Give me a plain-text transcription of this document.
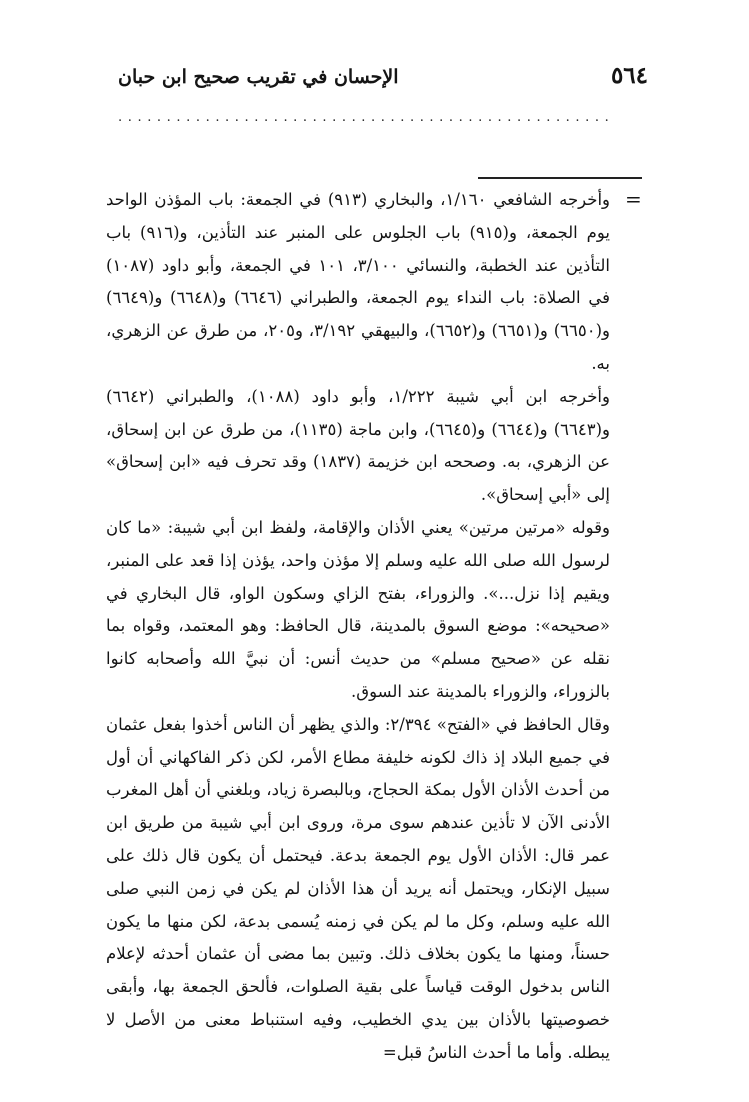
٥٦٤
الإحسان في تقريب صحيح ابن حبان
...................................................
=

وأخرجه الشافعي ١/١٦٠، والبخاري (٩١٣) في الجمعة: باب المؤذن الواحد يوم الجمعة، و(٩١٥) باب الجلوس على المنبر عند التأذين، و(٩١٦) باب التأذين عند الخطبة، والنسائي ٣/١٠٠، ١٠١ في الجمعة، وأبو داود (١٠٨٧) في الصلاة: باب النداء يوم الجمعة، والطبراني (٦٦٤٦) و(٦٦٤٨) و(٦٦٤٩) و(٦٦٥٠) و(٦٦٥١) و(٦٦٥٢)، والبيهقي ٣/١٩٢، و٢٠٥، من طرق عن الزهري، به.

وأخرجه ابن أبي شيبة ١/٢٢٢، وأبو داود (١٠٨٨)، والطبراني (٦٦٤٢) و(٦٦٤٣) و(٦٦٤٤) و(٦٦٤٥)، وابن ماجة (١١٣٥)، من طرق عن ابن إسحاق، عن الزهري، به. وصححه ابن خزيمة (١٨٣٧) وقد تحرف فيه «ابن إسحاق» إلى «أبي إسحاق».

وقوله «مرتين مرتين» يعني الأذان والإقامة، ولفظ ابن أبي شيبة: «ما كان لرسول الله صلى الله عليه وسلم إلا مؤذن واحد، يؤذن إذا قعد على المنبر، ويقيم إذا نزل...». والزوراء، بفتح الزاي وسكون الواو، قال البخاري في «صحيحه»: موضع السوق بالمدينة، قال الحافظ: وهو المعتمد، وقواه بما نقله عن «صحيح مسلم» من حديث أنس: أن نبيَّ الله وأصحابه كانوا بالزوراء، والزوراء بالمدينة عند السوق.

وقال الحافظ في «الفتح» ٢/٣٩٤: والذي يظهر أن الناس أخذوا بفعل عثمان في جميع البلاد إذ ذاك لكونه خليفة مطاع الأمر، لكن ذكر الفاكهاني أن أول من أحدث الأذان الأول بمكة الحجاج، وبالبصرة زياد، وبلغني أن أهل المغرب الأدنى الآن لا تأذين عندهم سوى مرة، وروى ابن أبي شيبة من طريق ابن عمر قال: الأذان الأول يوم الجمعة بدعة. فيحتمل أن يكون قال ذلك على سبيل الإنكار، ويحتمل أنه يريد أن هذا الأذان لم يكن في زمن النبي صلى الله عليه وسلم، وكل ما لم يكن في زمنه يُسمى بدعة، لكن منها ما يكون حسناً، ومنها ما يكون بخلاف ذلك. وتبين بما مضى أن عثمان أحدثه لإعلام الناس بدخول الوقت قياساً على بقية الصلوات، فألحق الجمعة بها، وأبقى خصوصيتها بالأذان بين يدي الخطيب، وفيه استنباط معنى من الأصل لا يبطله. وأما ما أحدث الناسُ قبل=
